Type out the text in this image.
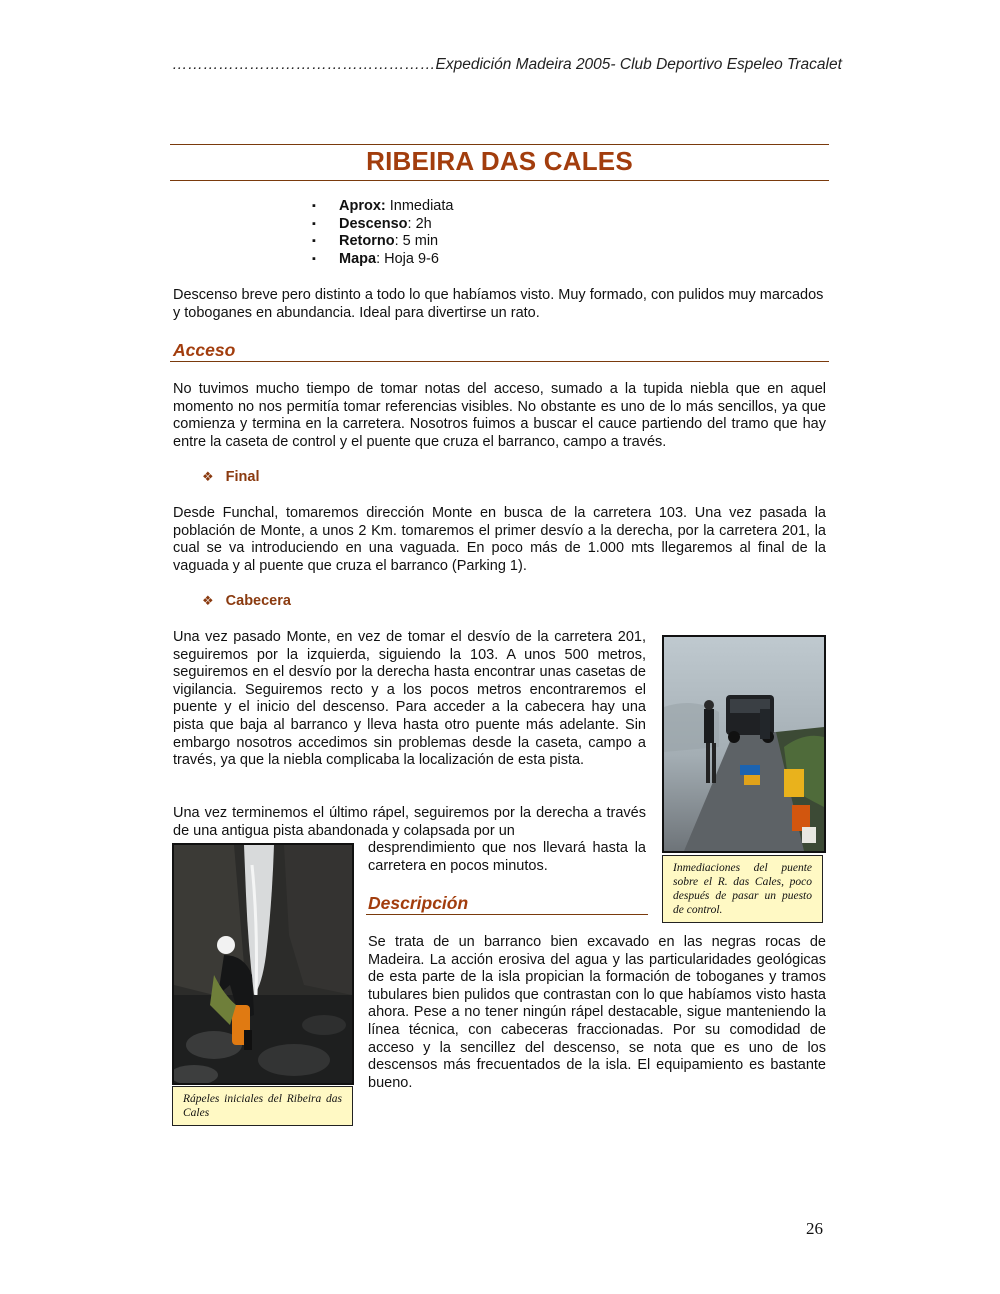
……………………………………………Expedición Madeira 2005- Club Deportivo Espeleo Tracalet
RIBEIRA DAS CALES
▪ Aprox: Inmediata
▪ Descenso: 2h
▪ Retorno: 5 min
▪ Mapa: Hoja 9-6
Descenso breve pero distinto a todo lo que habíamos visto. Muy formado, con pulidos muy marcados y toboganes en abundancia. Ideal para divertirse un rato.
Acceso
No tuvimos mucho tiempo de tomar notas del acceso, sumado a la tupida niebla que en aquel momento no nos permitía tomar referencias visibles. No obstante es uno de lo más sencillos, ya que comienza y termina en la carretera. Nosotros fuimos a buscar el cauce partiendo del tramo que hay entre la caseta de control y el puente que cruza el barranco, campo a través.
❖ Final
Desde Funchal, tomaremos dirección Monte en busca de la carretera 103. Una vez pasada la población de Monte, a unos 2 Km. tomaremos el primer desvío a la derecha, por la carretera 201, la cual se va introduciendo en una vaguada. En poco más de 1.000 mts llegaremos al final de la vaguada y al puente que cruza el barranco (Parking 1).
❖ Cabecera
Una vez pasado Monte, en vez de tomar el desvío de la carretera 201, seguiremos por la izquierda, siguiendo la 103. A unos 500 metros, seguiremos en el desvío por la derecha hasta encontrar unas casetas de vigilancia. Seguiremos recto y a los pocos metros encontraremos el puente y el inicio del descenso. Para acceder a la cabecera hay una pista que baja al barranco y lleva hasta otro puente más adelante. Sin embargo nosotros accedimos sin problemas desde la caseta, campo a través, ya que la niebla complicaba la localización de esta pista.
Una vez terminemos el último rápel, seguiremos por la derecha a través de una antigua pista abandonada y colapsada por un
desprendimiento que nos llevará hasta la carretera en pocos minutos.	Inmediaciones del puente sobre el R. das Cales, poco después de pasar un puesto de control.
Rápeles iniciales del Ribeira das Cales
Descripción
Se trata de un barranco bien excavado en las negras rocas de Madeira. La acción erosiva del agua y las particularidades geológicas de esta parte de la isla propician la formación de toboganes y tramos tubulares bien pulidos que contrastan con lo que habíamos visto hasta ahora. Pese a no tener ningún rápel destacable, sigue manteniendo la línea técnica, con cabeceras fraccionadas. Por su comodidad de acceso y la sencillez del descenso, se nota que es uno de los descensos más frecuentados de la isla. El equipamiento es bastante bueno.
26
